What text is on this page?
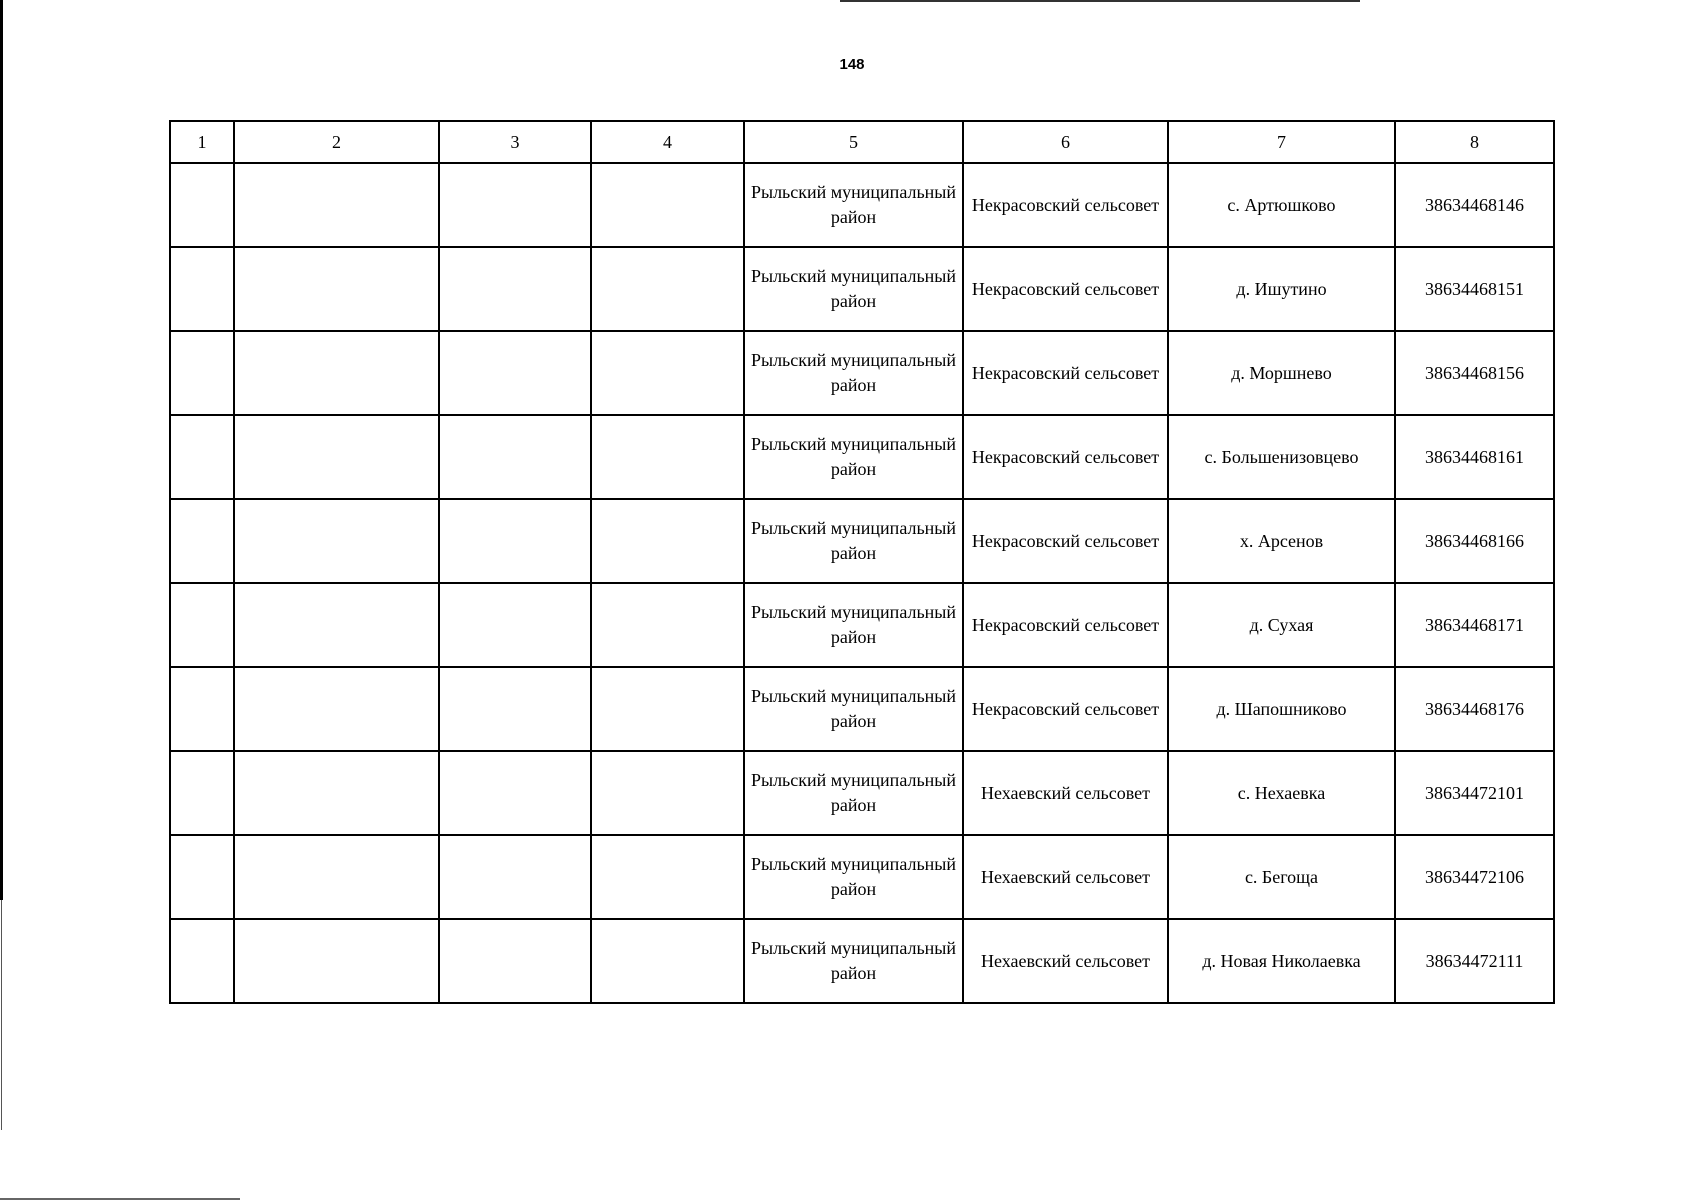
148
1	2	3	4	5	6	7	8
				Рыльский муниципальный район	Некрасовский сельсовет	с. Артюшково	38634468146
				Рыльский муниципальный район	Некрасовский сельсовет	д. Ишутино	38634468151
				Рыльский муниципальный район	Некрасовский сельсовет	д. Моршнево	38634468156
				Рыльский муниципальный район	Некрасовский сельсовет	с. Большенизовцево	38634468161
				Рыльский муниципальный район	Некрасовский сельсовет	х. Арсенов	38634468166
				Рыльский муниципальный район	Некрасовский сельсовет	д. Сухая	38634468171
				Рыльский муниципальный район	Некрасовский сельсовет	д. Шапошниково	38634468176
				Рыльский муниципальный район	Нехаевский сельсовет	с. Нехаевка	38634472101
				Рыльский муниципальный район	Нехаевский сельсовет	с. Бегоща	38634472106
				Рыльский муниципальный район	Нехаевский сельсовет	д. Новая Николаевка	38634472111
